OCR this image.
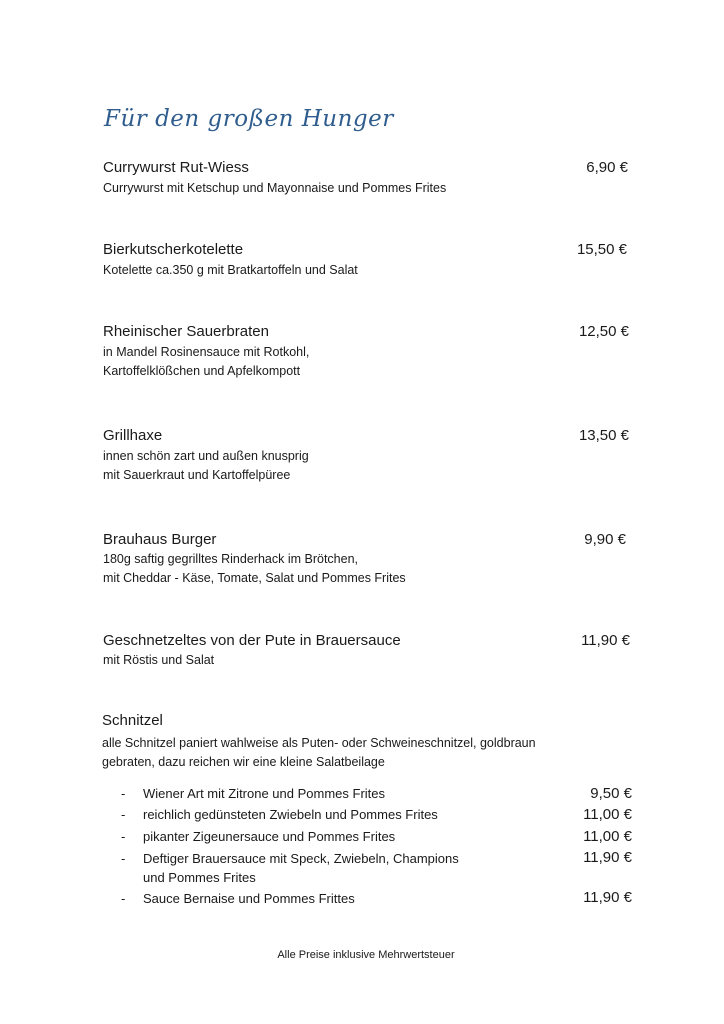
Für den großen Hunger
Currywurst Rut-Wiess
Currywurst mit Ketschup und Mayonnaise und Pommes Frites
6,90 €
Bierkutscherkotelette
Kotelette ca.350 g mit Bratkartoffeln und Salat
15,50 €
Rheinischer Sauerbraten
in Mandel Rosinensauce mit Rotkohl,
Kartoffelklößchen und Apfelkompott
12,50 €
Grillhaxe
innen schön zart und außen knusprig
mit Sauerkraut und Kartoffelpüree
13,50 €
Brauhaus Burger
180g saftig gegrilltes Rinderhack im Brötchen,
mit Cheddar - Käse, Tomate, Salat und Pommes Frites
9,90 €
Geschnetzeltes von der Pute in Brauersauce
mit Röstis und Salat
11,90 €
Schnitzel
alle Schnitzel paniert wahlweise als Puten- oder Schweineschnitzel, goldbraun
gebraten, dazu reichen wir eine kleine Salatbeilage
- Wiener Art mit Zitrone und Pommes Frites	9,50 €
- reichlich gedünsteten Zwiebeln und Pommes Frites	11,00 €
- pikanter Zigeunersauce und Pommes Frites	11,00 €
- Deftiger Brauersauce mit Speck, Zwiebeln, Champions
und Pommes Frites
11,90 €
- Sauce Bernaise und Pommes Frittes	11,90 €
Alle Preise inklusive Mehrwertsteuer
